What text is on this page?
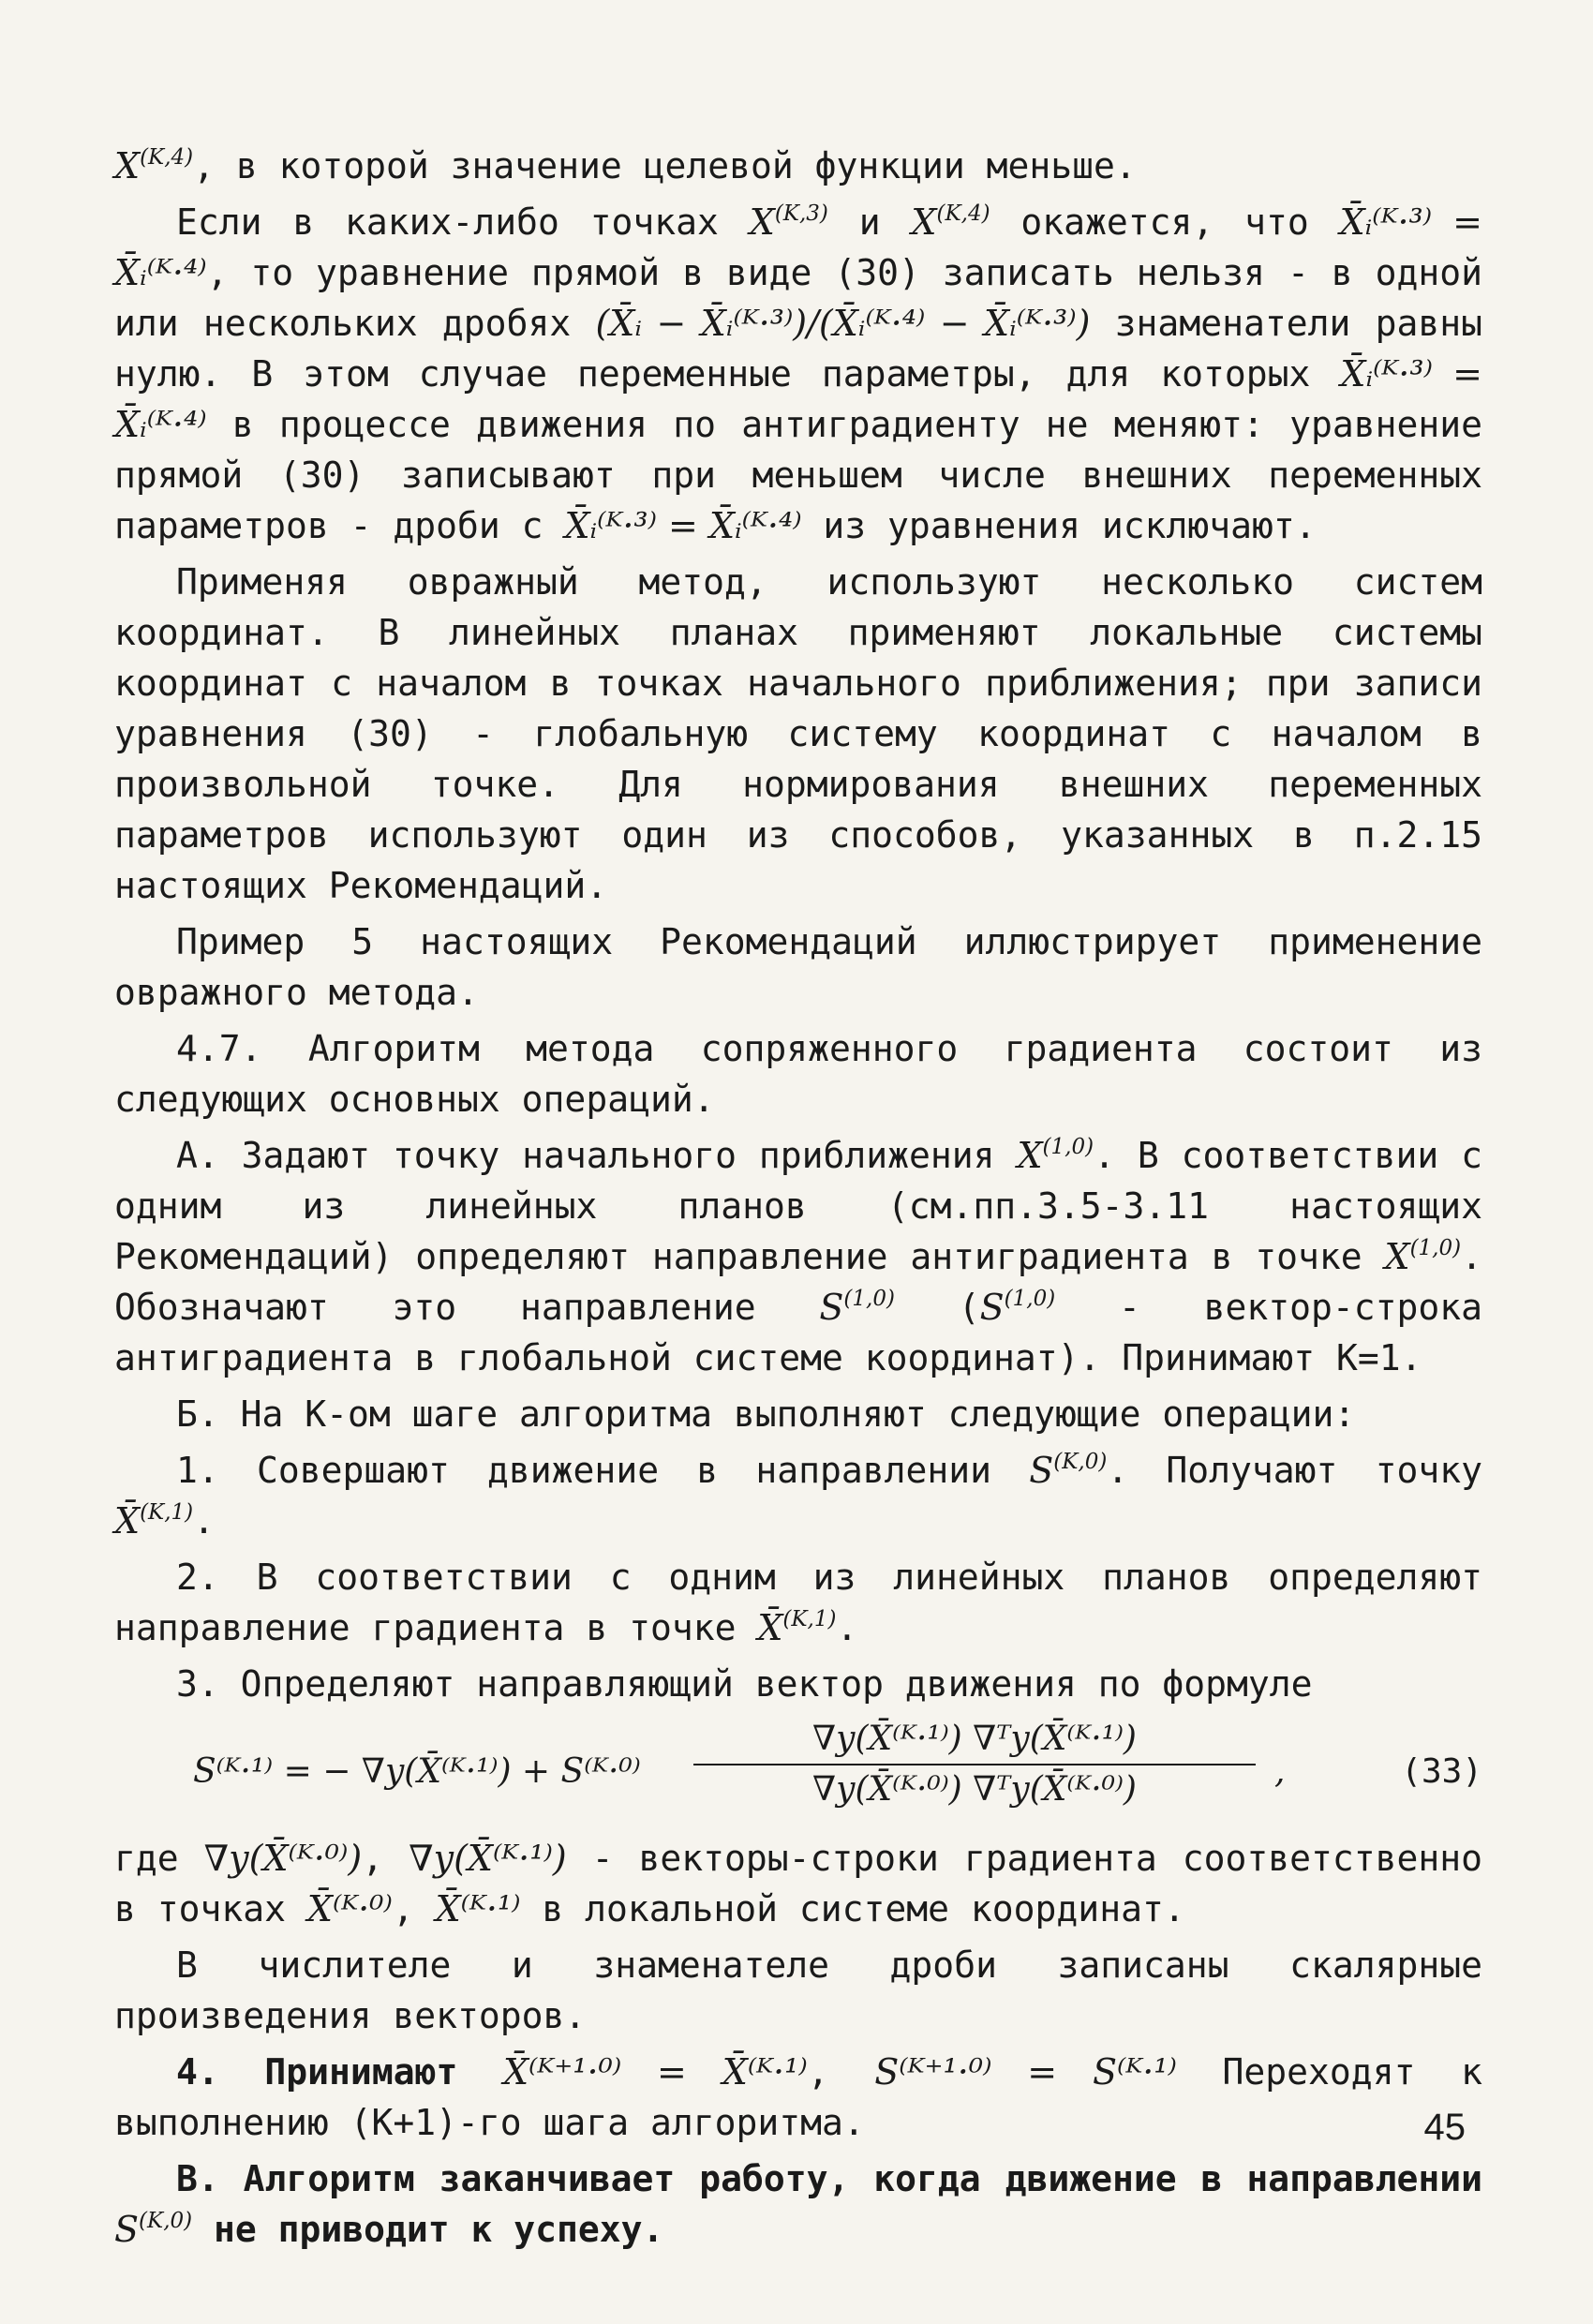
$X^{(K,4)}$, в которой значение целевой функции меньше.

Если в каких-либо точках $X^{(K,3)}$ и $X^{(K,4)}$ окажется, что X̄ᵢ⁽ᴷ·³⁾ = X̄ᵢ⁽ᴷ·⁴⁾, то уравнение прямой в виде (30) записать нельзя - в одной или нескольких дробях (X̄ᵢ − X̄ᵢ⁽ᴷ·³⁾)/(X̄ᵢ⁽ᴷ·⁴⁾ − X̄ᵢ⁽ᴷ·³⁾) знаменатели равны нулю. В этом случае переменные параметры, для которых X̄ᵢ⁽ᴷ·³⁾ = X̄ᵢ⁽ᴷ·⁴⁾ в процессе движения по антиградиенту не меняют: уравнение прямой (30) записывают при меньшем числе внешних переменных параметров - дроби с X̄ᵢ⁽ᴷ·³⁾ = X̄ᵢ⁽ᴷ·⁴⁾ из уравнения исключают.

Применяя овражный метод, используют несколько систем координат. В линейных планах применяют локальные системы координат с началом в точках начального приближения; при записи уравнения (30) - глобальную систему координат с началом в произвольной точке. Для нормирования внешних переменных параметров используют один из способов, указанных в п.2.15 настоящих Рекомендаций.

Пример 5 настоящих Рекомендаций иллюстрирует применение овражного метода.

4.7. Алгоритм метода сопряженного градиента состоит из следующих основных операций.

А. Задают точку начального приближения X$^{(1,0)}$. В соответствии с одним из линейных планов (см.пп.3.5-3.11 настоящих Рекомендаций) определяют направление антиградиента в точке X$^{(1,0)}$. Обозначают это направление S$^{(1,0)}$ ($S^{(1,0)}$ - вектор-строка антиградиента в глобальной системе координат). Принимают К=1.

Б. На К-ом шаге алгоритма выполняют следующие операции:

1. Совершают движение в направлении $S^{(K,0)}$. Получают точку X̄$^{(K,1)}$.

2. В соответствии с одним из линейных планов определяют направление градиента в точке X̄$^{(K,1)}$.

3. Определяют направляющий вектор движения по формуле

S⁽ᴷ·¹⁾ = − ∇y(X̄⁽ᴷ·¹⁾) + S⁽ᴷ·⁰⁾
∇y(X̄⁽ᴷ·¹⁾) ∇ᵀy(X̄⁽ᴷ·¹⁾)
∇y(X̄⁽ᴷ·⁰⁾) ∇ᵀy(X̄⁽ᴷ·⁰⁾)	,	(33)

где ∇y(X̄⁽ᴷ·⁰⁾), ∇y(X̄⁽ᴷ·¹⁾) - векторы-строки градиента соответственно в точках X̄⁽ᴷ·⁰⁾, X̄⁽ᴷ·¹⁾ в локальной системе координат.

В числителе и знаменателе дроби записаны скалярные произведения векторов.

4. Принимают X̄⁽ᴷ⁺¹·⁰⁾ = X̄⁽ᴷ·¹⁾, S⁽ᴷ⁺¹·⁰⁾ = S⁽ᴷ·¹⁾ Переходят к выполнению (К+1)-го шага алгоритма.

В. Алгоритм заканчивает работу, когда движение в направлении $S^{(K,0)}$ не приводит к успеху.

45
